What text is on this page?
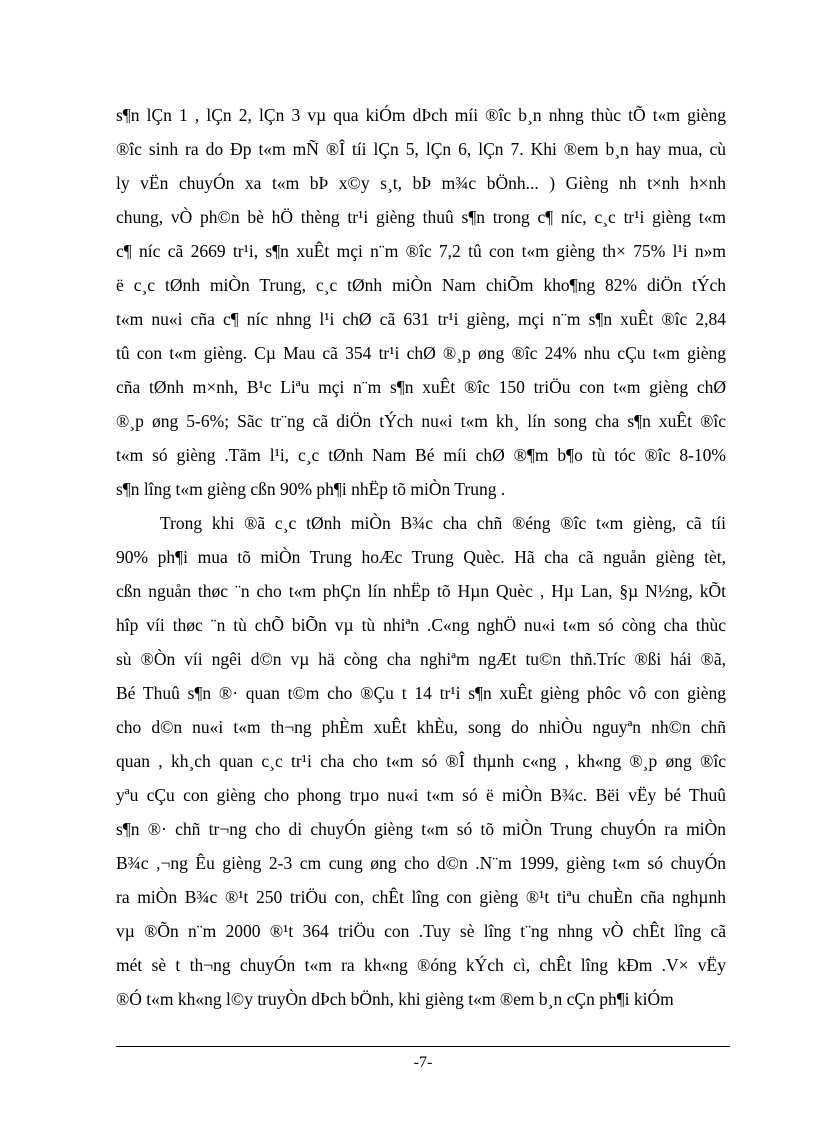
s¶n lÇn 1 , lÇn 2, lÇn 3 vµ qua kiÓm dÞch míi ®îc b¸n nhng thùc tÕ t«m gièng
®îc sinh ra do Ðp t«m mÑ ®Î tíi lÇn 5, lÇn 6, lÇn 7. Khi ®em b¸n hay mua, cù
ly vËn chuyÓn xa t«m bÞ x©y s¸t, bÞ m¾c bÖnh... ) Gièng nh t×nh h×nh
chung, vÒ ph©n bè hÖ thèng tr¹i gièng thuû s¶n trong c¶ níc, c¸c tr¹i gièng t«m
c¶ níc cã 2669 tr¹i, s¶n xuÊt mçi n¨m ®îc 7,2 tû con t«m gièng th× 75% l¹i n»m
ë c¸c tØnh miÒn Trung, c¸c tØnh miÒn Nam chiÕm kho¶ng 82% diÖn tÝch
t«m nu«i cña c¶ níc nhng l¹i chØ cã 631 tr¹i gièng, mçi n¨m s¶n xuÊt ®îc 2,84
tû con t«m gièng. Cµ Mau cã 354 tr¹i chØ ®¸p øng ®îc 24% nhu cÇu t«m gièng
cña tØnh m×nh, B¹c Liªu mçi n¨m s¶n xuÊt ®îc 150 triÖu con t«m gièng chØ
®¸p øng 5-6%; Sãc tr¨ng cã diÖn tÝch nu«i t«m kh¸ lín song cha s¶n xuÊt ®îc
t«m só gièng .Tãm l¹i, c¸c tØnh Nam Bé míi chØ ®¶m b¶o tù tóc ®îc 8-10%
s¶n lîng t«m gièng cßn 90% ph¶i nhËp tõ miÒn Trung .
Trong khi ®ã c¸c tØnh miÒn B¾c cha chñ ®éng ®îc t«m gièng, cã tíi
90% ph¶i mua tõ miÒn Trung hoÆc Trung Quèc. Hã cha cã nguån gièng tèt,
cßn nguån thøc ¨n cho t«m phÇn lín nhËp tõ Hµn Quèc , Hµ Lan, §µ N½ng, kÕt
hîp víi thøc ¨n tù chÕ biÕn vµ tù nhiªn .C«ng nghÖ nu«i t«m só còng cha thùc
sù ®Òn víi ngêi d©n vµ hä còng cha nghiªm ngÆt tu©n thñ.Tríc ®ßi hái ®ã,
Bé Thuû s¶n ®· quan t©m cho ®Çu t 14 tr¹i s¶n xuÊt gièng phôc vô con gièng
cho d©n nu«i t«m th¬ng phÈm xuÊt khÈu, song do nhiÒu nguyªn nh©n chñ
quan , kh¸ch quan c¸c tr¹i cha cho t«m só ®Î thµnh c«ng , kh«ng ®¸p øng ®îc
yªu cÇu con gièng cho phong trµo nu«i t«m só ë miÒn B¾c. Bëi vËy bé Thuû
s¶n ®· chñ tr¬ng cho di chuyÓn gièng t«m só tõ miÒn Trung chuyÓn ra miÒn
B¾c ,¬ng Êu gièng 2-3 cm cung øng cho d©n .N¨m 1999, gièng t«m só chuyÓn
ra miÒn B¾c ®¹t 250 triÖu con, chÊt lîng con gièng ®¹t tiªu chuÈn cña nghµnh
vµ ®Õn n¨m 2000 ®¹t 364 triÖu con .Tuy sè lîng t¨ng nhng vÒ chÊt lîng cã
mét sè t th¬ng chuyÓn t«m ra kh«ng ®óng kÝch cì, chÊt lîng kÐm .V× vËy
®Ó t«m kh«ng l©y truyÒn dÞch bÖnh, khi gièng t«m ®em b¸n cÇn ph¶i kiÓm
-7-
